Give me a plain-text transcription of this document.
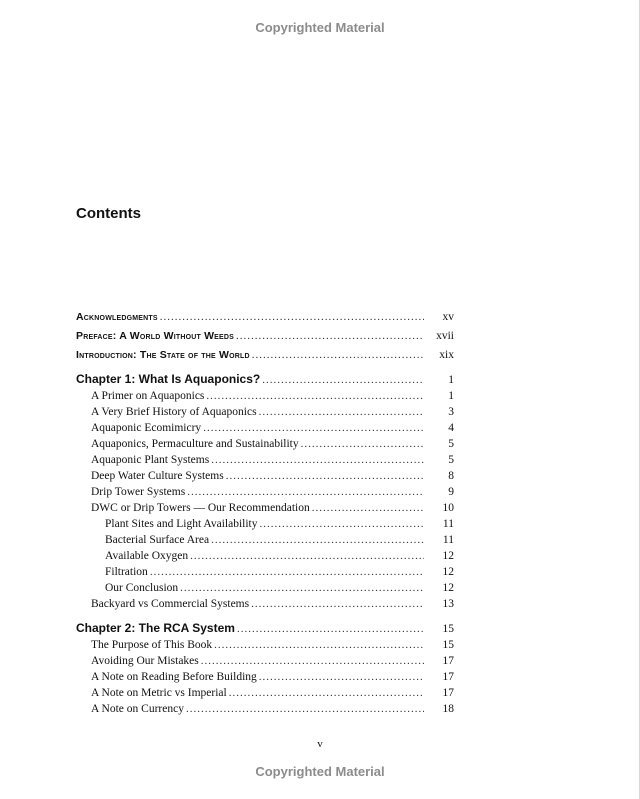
Copyrighted Material
Contents
Acknowledgments .....	xv
Preface: A World Without Weeds .....	xvii
Introduction: The State of the World .....	xix
Chapter 1: What Is Aquaponics? .....	1
A Primer on Aquaponics .....	1
A Very Brief History of Aquaponics .....	3
Aquaponic Ecomimicry .....	4
Aquaponics, Permaculture and Sustainability .....	5
Aquaponic Plant Systems .....	5
Deep Water Culture Systems .....	8
Drip Tower Systems .....	9
DWC or Drip Towers — Our Recommendation .....	10
Plant Sites and Light Availability .....	11
Bacterial Surface Area .....	11
Available Oxygen .....	12
Filtration .....	12
Our Conclusion .....	12
Backyard vs Commercial Systems .....	13
Chapter 2: The RCA System .....	15
The Purpose of This Book .....	15
Avoiding Our Mistakes .....	17
A Note on Reading Before Building .....	17
A Note on Metric vs Imperial .....	17
A Note on Currency .....	18
v
Copyrighted Material
